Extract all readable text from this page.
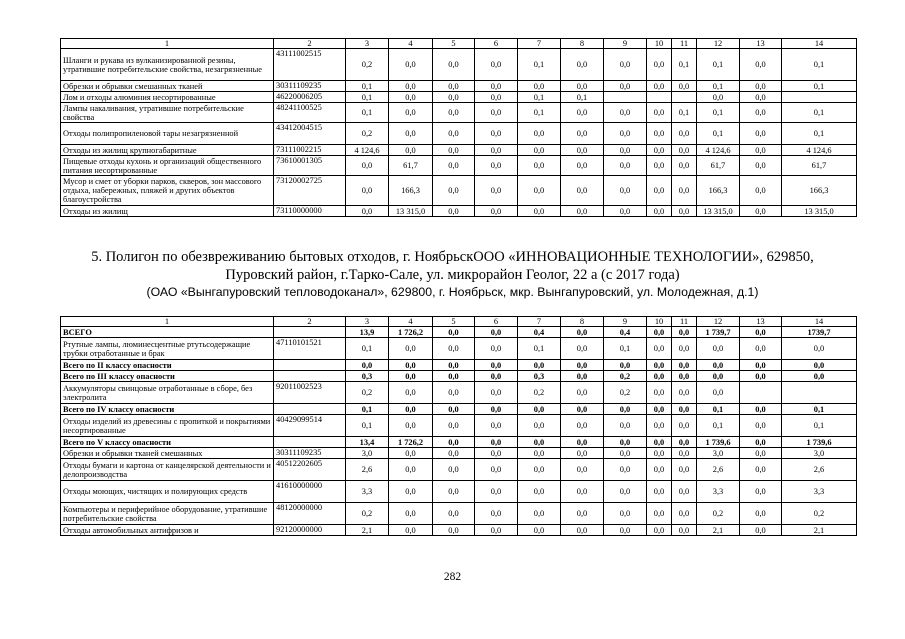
1	2	3	4	5	6	7	8	9	10	11	12	13	14
Шланги и рукава из вулканизированной резины, утратившие потребительские свойства, незагрязненные	43111002515	0,2	0,0	0,0	0,0	0,1	0,0	0,0	0,0	0,1	0,1	0,0	0,1
Обрезки и обрывки смешанных тканей	30311109235	0,1	0,0	0,0	0,0	0,0	0,0	0,0	0,0	0,0	0,1	0,0	0,1
Лом и отходы алюминия несортированные	46220006205	0,1	0,0	0,0	0,0	0,1	0,1				0,0	0,0	
Лампы накаливания, утратившие потребительские свойства	48241100525	0,1	0,0	0,0	0,0	0,1	0,0	0,0	0,0	0,1	0,1	0,0	0,1
Отходы полипропиленовой тары незагрязненной	43412004515	0,2	0,0	0,0	0,0	0,0	0,0	0,0	0,0	0,0	0,1	0,0	0,1
Отходы из жилищ крупногабаритные	73111002215	4 124,6	0,0	0,0	0,0	0,0	0,0	0,0	0,0	0,0	4 124,6	0,0	4 124,6
Пищевые отходы кухонь и организаций общественного питания несортированные	73610001305	0,0	61,7	0,0	0,0	0,0	0,0	0,0	0,0	0,0	61,7	0,0	61,7
Мусор и смет от уборки парков, скверов, зон массового отдыха, набережных, пляжей и других объектов благоустройства	73120002725	0,0	166,3	0,0	0,0	0,0	0,0	0,0	0,0	0,0	166,3	0,0	166,3
Отходы из жилищ	73110000000	0,0	13 315,0	0,0	0,0	0,0	0,0	0,0	0,0	0,0	13 315,0	0,0	13 315,0
5. Полигон по обезвреживанию бытовых отходов, г. НоябрьскООО «ИННОВАЦИОННЫЕ ТЕХНОЛОГИИ», 629850,
Пуровский район, г.Тарко-Сале, ул. микрорайон Геолог, 22 а (с 2017 года)
(ОАО «Вынгапуровский тепловодоканал», 629800, г. Ноябрьск, мкр. Вынгапуровский, ул. Молодежная, д.1)
1	2	3	4	5	6	7	8	9	10	11	12	13	14
ВСЕГО		13,9	1 726,2	0,0	0,0	0,4	0,0	0,4	0,0	0,0	1 739,7	0,0	1739,7
Ртутные лампы, люминесцентные ртутьсодержащие трубки отработанные и брак	47110101521	0,1	0,0	0,0	0,0	0,1	0,0	0,1	0,0	0,0	0,0	0,0	0,0
Всего по II классу опасности		0,0	0,0	0,0	0,0	0,0	0,0	0,0	0,0	0,0	0,0	0,0	0,0
Всего по III классу опасности		0,3	0,0	0,0	0,0	0,3	0,0	0,2	0,0	0,0	0,0	0,0	0,0
Аккумуляторы свинцовые отработанные в сборе, без электролита	92011002523	0,2	0,0	0,0	0,0	0,2	0,0	0,2	0,0	0,0	0,0		
Всего по IV классу опасности		0,1	0,0	0,0	0,0	0,0	0,0	0,0	0,0	0,0	0,1	0,0	0,1
Отходы изделий из древесины с пропиткой и покрытиями несортированные	40429099514	0,1	0,0	0,0	0,0	0,0	0,0	0,0	0,0	0,0	0,1	0,0	0,1
Всего по V классу опасности		13,4	1 726,2	0,0	0,0	0,0	0,0	0,0	0,0	0,0	1 739,6	0,0	1 739,6
Обрезки и обрывки тканей смешанных	30311109235	3,0	0,0	0,0	0,0	0,0	0,0	0,0	0,0	0,0	3,0	0,0	3,0
Отходы бумаги и картона от канцелярской деятельности и делопроизводства	40512202605	2,6	0,0	0,0	0,0	0,0	0,0	0,0	0,0	0,0	2,6	0,0	2,6
Отходы моющих, чистящих и полирующих средств	41610000000	3,3	0,0	0,0	0,0	0,0	0,0	0,0	0,0	0,0	3,3	0,0	3,3
Компьютеры и периферийное оборудование, утратившие потребительские свойства	48120000000	0,2	0,0	0,0	0,0	0,0	0,0	0,0	0,0	0,0	0,2	0,0	0,2
Отходы автомобильных антифризов и	92120000000	2,1	0,0	0,0	0,0	0,0	0,0	0,0	0,0	0,0	2,1	0,0	2,1
282
